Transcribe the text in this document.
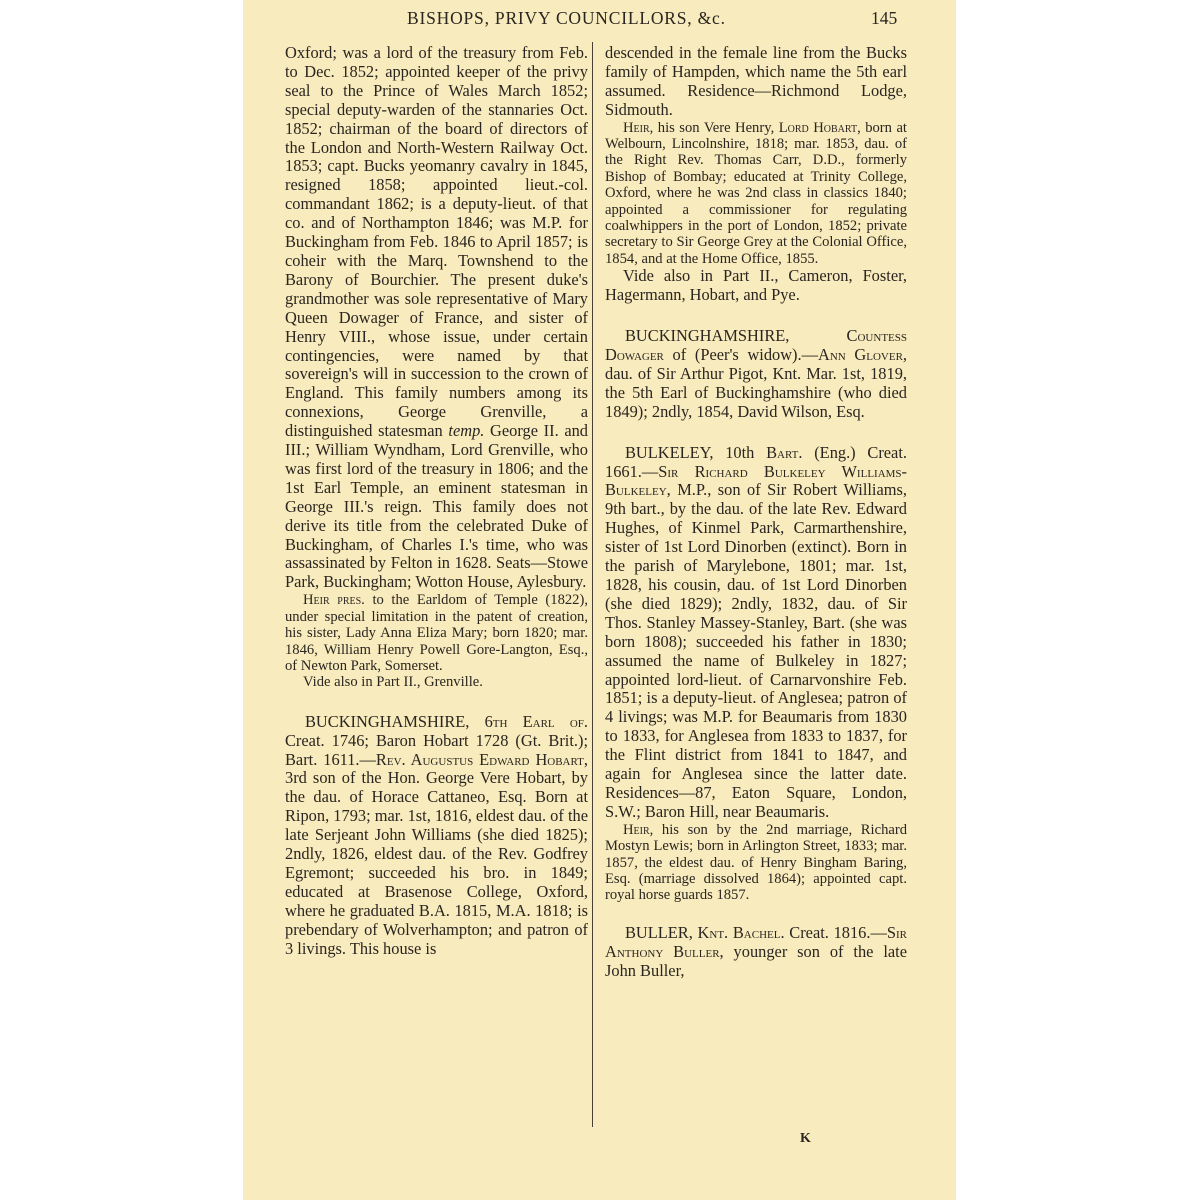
BISHOPS, PRIVY COUNCILLORS, &c.	145

Oxford; was a lord of the treasury from Feb. to Dec. 1852; appointed keeper of the privy seal to the Prince of Wales March 1852; special deputy-warden of the stannaries Oct. 1852; chairman of the board of directors of the London and North-Western Railway Oct. 1853; capt. Bucks yeomanry cavalry in 1845, resigned 1858; appointed lieut.-col. commandant 1862; is a deputy-lieut. of that co. and of Northampton 1846; was M.P. for Buckingham from Feb. 1846 to April 1857; is coheir with the Marq. Townshend to the Barony of Bourchier. The present duke's grandmother was sole representative of Mary Queen Dowager of France, and sister of Henry VIII., whose issue, under certain contingencies, were named by that sovereign's will in succession to the crown of England. This family numbers among its connexions, George Grenville, a distinguished statesman temp. George II. and III.; William Wyndham, Lord Grenville, who was first lord of the treasury in 1806; and the 1st Earl Temple, an eminent statesman in George III.'s reign. This family does not derive its title from the celebrated Duke of Buckingham, of Charles I.'s time, who was assassinated by Felton in 1628. Seats—Stowe Park, Buckingham; Wotton House, Aylesbury.

Heir pres. to the Earldom of Temple (1822), under special limitation in the patent of creation, his sister, Lady Anna Eliza Mary; born 1820; mar. 1846, William Henry Powell Gore-Langton, Esq., of Newton Park, Somerset.

Vide also in Part II., Grenville.

BUCKINGHAMSHIRE, 6th Earl of. Creat. 1746; Baron Hobart 1728 (Gt. Brit.); Bart. 1611.—Rev. Augustus Edward Hobart, 3rd son of the Hon. George Vere Hobart, by the dau. of Horace Cattaneo, Esq. Born at Ripon, 1793; mar. 1st, 1816, eldest dau. of the late Serjeant John Williams (she died 1825); 2ndly, 1826, eldest dau. of the Rev. Godfrey Egremont; succeeded his bro. in 1849; educated at Brasenose College, Oxford, where he graduated B.A. 1815, M.A. 1818; is prebendary of Wolverhampton; and patron of 3 livings. This house is

descended in the female line from the Bucks family of Hampden, which name the 5th earl assumed. Residence—Richmond Lodge, Sidmouth.

Heir, his son Vere Henry, Lord Hobart, born at Welbourn, Lincolnshire, 1818; mar. 1853, dau. of the Right Rev. Thomas Carr, D.D., formerly Bishop of Bombay; educated at Trinity College, Oxford, where he was 2nd class in classics 1840; appointed a commissioner for regulating coalwhippers in the port of London, 1852; private secretary to Sir George Grey at the Colonial Office, 1854, and at the Home Office, 1855.

Vide also in Part II., Cameron, Foster, Hagermann, Hobart, and Pye.

BUCKINGHAMSHIRE, Countess Dowager of (Peer's widow).—Ann Glover, dau. of Sir Arthur Pigot, Knt. Mar. 1st, 1819, the 5th Earl of Buckinghamshire (who died 1849); 2ndly, 1854, David Wilson, Esq.

BULKELEY, 10th Bart. (Eng.) Creat. 1661.—Sir Richard Bulkeley Williams-Bulkeley, M.P., son of Sir Robert Williams, 9th bart., by the dau. of the late Rev. Edward Hughes, of Kinmel Park, Carmarthenshire, sister of 1st Lord Dinorben (extinct). Born in the parish of Marylebone, 1801; mar. 1st, 1828, his cousin, dau. of 1st Lord Dinorben (she died 1829); 2ndly, 1832, dau. of Sir Thos. Stanley Massey-Stanley, Bart. (she was born 1808); succeeded his father in 1830; assumed the name of Bulkeley in 1827; appointed lord-lieut. of Carnarvonshire Feb. 1851; is a deputy-lieut. of Anglesea; patron of 4 livings; was M.P. for Beaumaris from 1830 to 1833, for Anglesea from 1833 to 1837, for the Flint district from 1841 to 1847, and again for Anglesea since the latter date. Residences—87, Eaton Square, London, S.W.; Baron Hill, near Beaumaris.

Heir, his son by the 2nd marriage, Richard Mostyn Lewis; born in Arlington Street, 1833; mar. 1857, the eldest dau. of Henry Bingham Baring, Esq. (marriage dissolved 1864); appointed capt. royal horse guards 1857.

BULLER, Knt. Bachel. Creat. 1816.—Sir Anthony Buller, younger son of the late John Buller,

K
